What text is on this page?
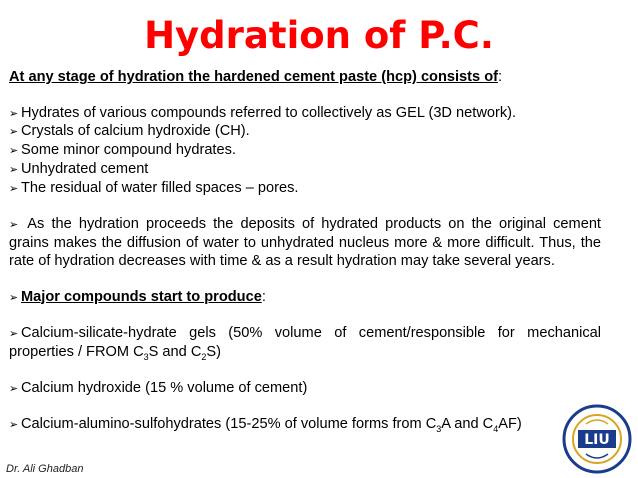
Hydration of P.C.

At any stage of hydration the hardened cement paste (hcp) consists of:

➢ Hydrates of various compounds referred to collectively as GEL (3D network).

➢ Crystals of calcium hydroxide (CH).

➢ Some minor compound hydrates.

➢ Unhydrated cement

➢ The residual of water filled spaces – pores.

➢ As the hydration proceeds the deposits of hydrated products on the original cement grains makes the diffusion of water to unhydrated nucleus more & more difficult. Thus, the rate of hydration decreases with time & as a result hydration may take several years.

➢ Major compounds start to produce:

➢ Calcium-silicate-hydrate gels (50% volume of cement/responsible for mechanical properties / FROM $C_3S$ and $C_2S$)

➢ Calcium hydroxide (15 % volume of cement)

➢ Calcium-alumino-sulfohydrates (15-25% of volume forms from $C_3A$ and $C_4AF$)

Dr. Ali Ghadban
LIU
